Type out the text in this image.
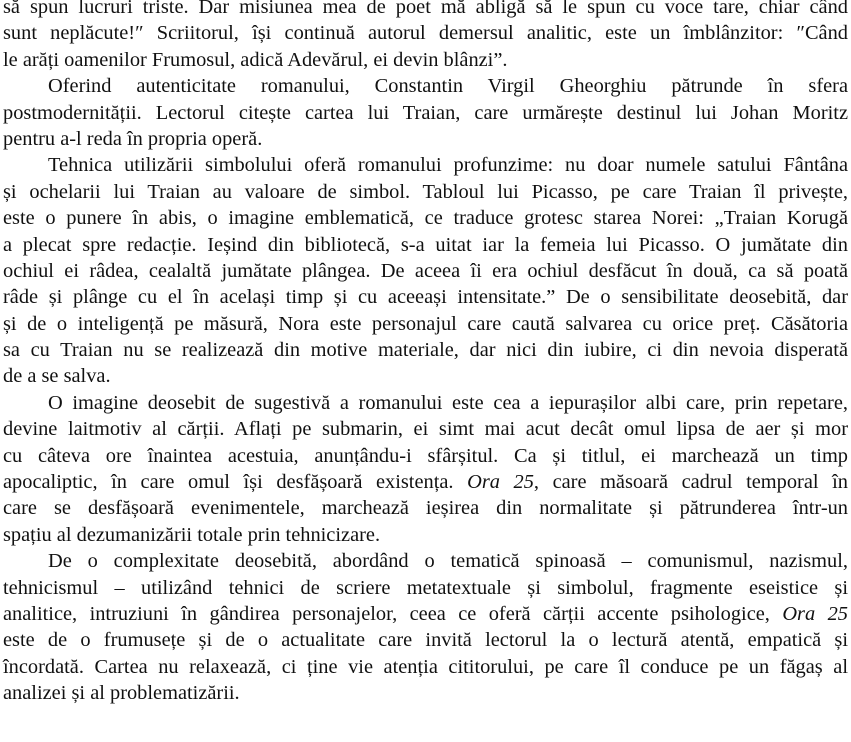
să spun lucruri triste. Dar misiunea mea de poet mă abligă să le spun cu voce tare, chiar când
sunt neplăcute!″ Scriitorul, își continuă autorul demersul analitic, este un îmblânzitor: ″Când
le arăți oamenilor Frumosul, adică Adevărul, ei devin blânzi”.
Oferind autenticitate romanului, Constantin Virgil Gheorghiu pătrunde în sfera
postmodernității. Lectorul citește cartea lui Traian, care urmărește destinul lui Johan Moritz
pentru a-l reda în propria operă.
Tehnica utilizării simbolului oferă romanului profunzime: nu doar numele satului Fântâna
și ochelarii lui Traian au valoare de simbol. Tabloul lui Picasso, pe care Traian îl privește,
este o punere în abis, o imagine emblematică, ce traduce grotesc starea Norei: „Traian Korugă
a plecat spre redacție. Ieșind din bibliotecă, s-a uitat iar la femeia lui Picasso. O jumătate din
ochiul ei râdea, cealaltă jumătate plângea. De aceea îi era ochiul desfăcut în două, ca să poată
râde și plânge cu el în același timp și cu aceeași intensitate.” De o sensibilitate deosebită, dar
și de o inteligență pe măsură, Nora este personajul care caută salvarea cu orice preț. Căsătoria
sa cu Traian nu se realizează din motive materiale, dar nici din iubire, ci din nevoia disperată
de a se salva.
O imagine deosebit de sugestivă a romanului este cea a iepurașilor albi care, prin repetare,
devine laitmotiv al cărții. Aflați pe submarin, ei simt mai acut decât omul lipsa de aer și mor
cu câteva ore înaintea acestuia, anunțându-i sfârșitul. Ca și titlul, ei marchează un timp
apocaliptic, în care omul își desfășoară existența. Ora 25, care măsoară cadrul temporal în
care se desfășoară evenimentele, marchează ieșirea din normalitate și pătrunderea într-un
spațiu al dezumanizării totale prin tehnicizare.
De o complexitate deosebită, abordând o tematică spinoasă – comunismul, nazismul,
tehnicismul – utilizând tehnici de scriere metatextuale și simbolul, fragmente eseistice și
analitice, intruziuni în gândirea personajelor, ceea ce oferă cărții accente psihologice, Ora 25
este de o frumusețe și de o actualitate care invită lectorul la o lectură atentă, empatică și
încordată. Cartea nu relaxează, ci ține vie atenția cititorului, pe care îl conduce pe un făgaș al
analizei și al problematizării.
